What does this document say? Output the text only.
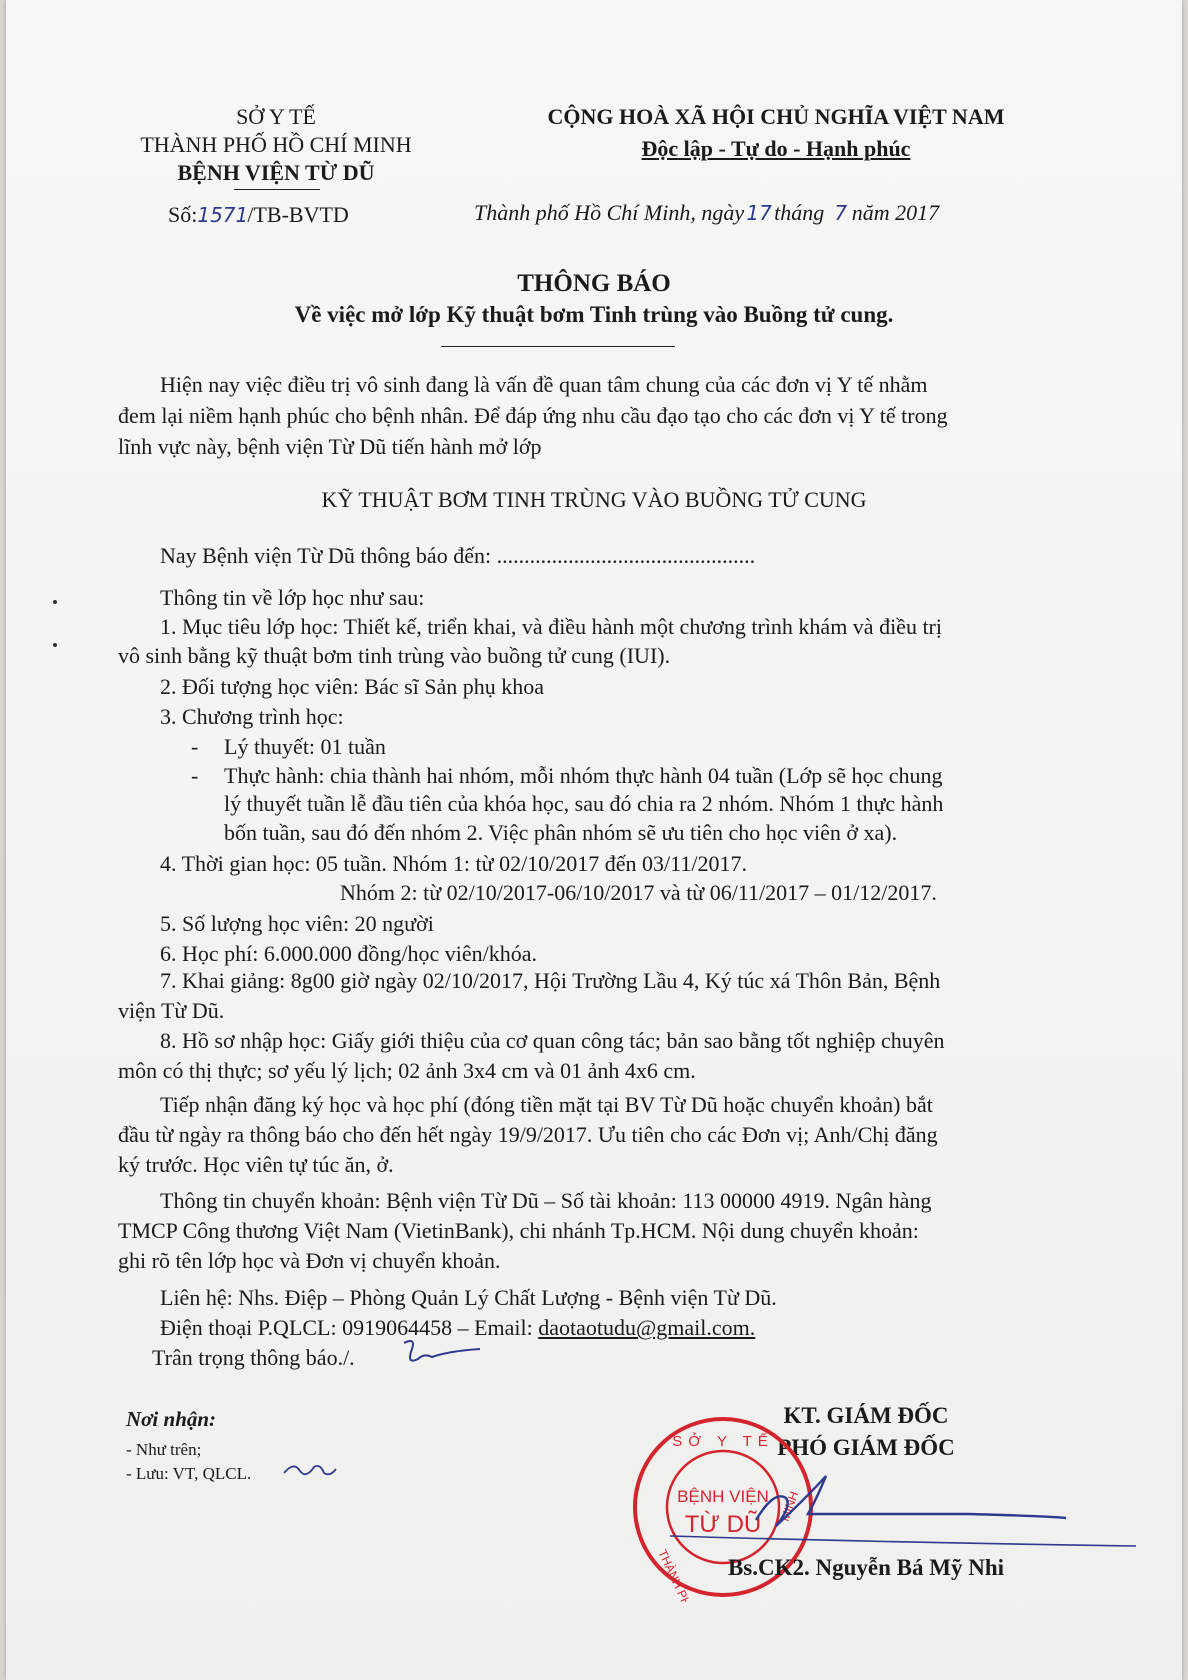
SỞ Y TẾ
THÀNH PHỐ HỒ CHÍ MINH
BỆNH VIỆN TỪ DŨ
Số:1571/TB-BVTD
CỘNG HOÀ XÃ HỘI CHỦ NGHĨA VIỆT NAM
Độc lập - Tự do - Hạnh phúc
Thành phố Hồ Chí Minh, ngày 17 tháng 7 năm 2017
THÔNG BÁO
Về việc mở lớp Kỹ thuật bơm Tinh trùng vào Buồng tử cung.
Hiện nay việc điều trị vô sinh đang là vấn đề quan tâm chung của các đơn vị Y tế nhằm
đem lại niềm hạnh phúc cho bệnh nhân. Để đáp ứng nhu cầu đạo tạo cho các đơn vị Y tế trong
lĩnh vực này, bệnh viện Từ Dũ tiến hành mở lớp
KỸ THUẬT BƠM TINH TRÙNG VÀO BUỒNG TỬ CUNG
Nay Bệnh viện Từ Dũ thông báo đến: ...............................................
Thông tin về lớp học như sau:
1. Mục tiêu lớp học: Thiết kế, triển khai, và điều hành một chương trình khám và điều trị
vô sinh bằng kỹ thuật bơm tinh trùng vào buồng tử cung (IUI).
2. Đối tượng học viên: Bác sĩ Sản phụ khoa
3. Chương trình học:
- Lý thuyết: 01 tuần
- Thực hành: chia thành hai nhóm, mỗi nhóm thực hành 04 tuần (Lớp sẽ học chung
lý thuyết tuần lễ đầu tiên của khóa học, sau đó chia ra 2 nhóm. Nhóm 1 thực hành
bốn tuần, sau đó đến nhóm 2. Việc phân nhóm sẽ ưu tiên cho học viên ở xa).
4. Thời gian học: 05 tuần. Nhóm 1: từ 02/10/2017 đến 03/11/2017.
Nhóm 2: từ 02/10/2017-06/10/2017 và từ 06/11/2017 – 01/12/2017.
5. Số lượng học viên: 20 người
6. Học phí: 6.000.000 đồng/học viên/khóa.
7. Khai giảng: 8g00 giờ ngày 02/10/2017, Hội Trường Lầu 4, Ký túc xá Thôn Bản, Bệnh
viện Từ Dũ.
8. Hồ sơ nhập học: Giấy giới thiệu của cơ quan công tác; bản sao bằng tốt nghiệp chuyên
môn có thị thực; sơ yếu lý lịch; 02 ảnh 3x4 cm và 01 ảnh 4x6 cm.
Tiếp nhận đăng ký học và học phí (đóng tiền mặt tại BV Từ Dũ hoặc chuyển khoản) bắt
đầu từ ngày ra thông báo cho đến hết ngày 19/9/2017. Ưu tiên cho các Đơn vị; Anh/Chị đăng
ký trước. Học viên tự túc ăn, ở.
Thông tin chuyển khoản: Bệnh viện Từ Dũ – Số tài khoản: 113 00000 4919. Ngân hàng
TMCP Công thương Việt Nam (VietinBank), chi nhánh Tp.HCM. Nội dung chuyển khoản:
ghi rõ tên lớp học và Đơn vị chuyển khoản.
Liên hệ: Nhs. Điệp – Phòng Quản Lý Chất Lượng - Bệnh viện Từ Dũ.
Điện thoại P.QLCL: 0919064458 – Email: daotaotudu@gmail.com.
Trân trọng thông báo./.
Nơi nhận:
- Như trên;
- Lưu: VT, QLCL.
KT. GIÁM ĐỐC
PHÓ GIÁM ĐỐC
SỞ Y TẾ
THÀNH PHỐ
MINH
BỆNH VIỆN
TỪ DŨ
Bs.CK2. Nguyễn Bá Mỹ Nhi
